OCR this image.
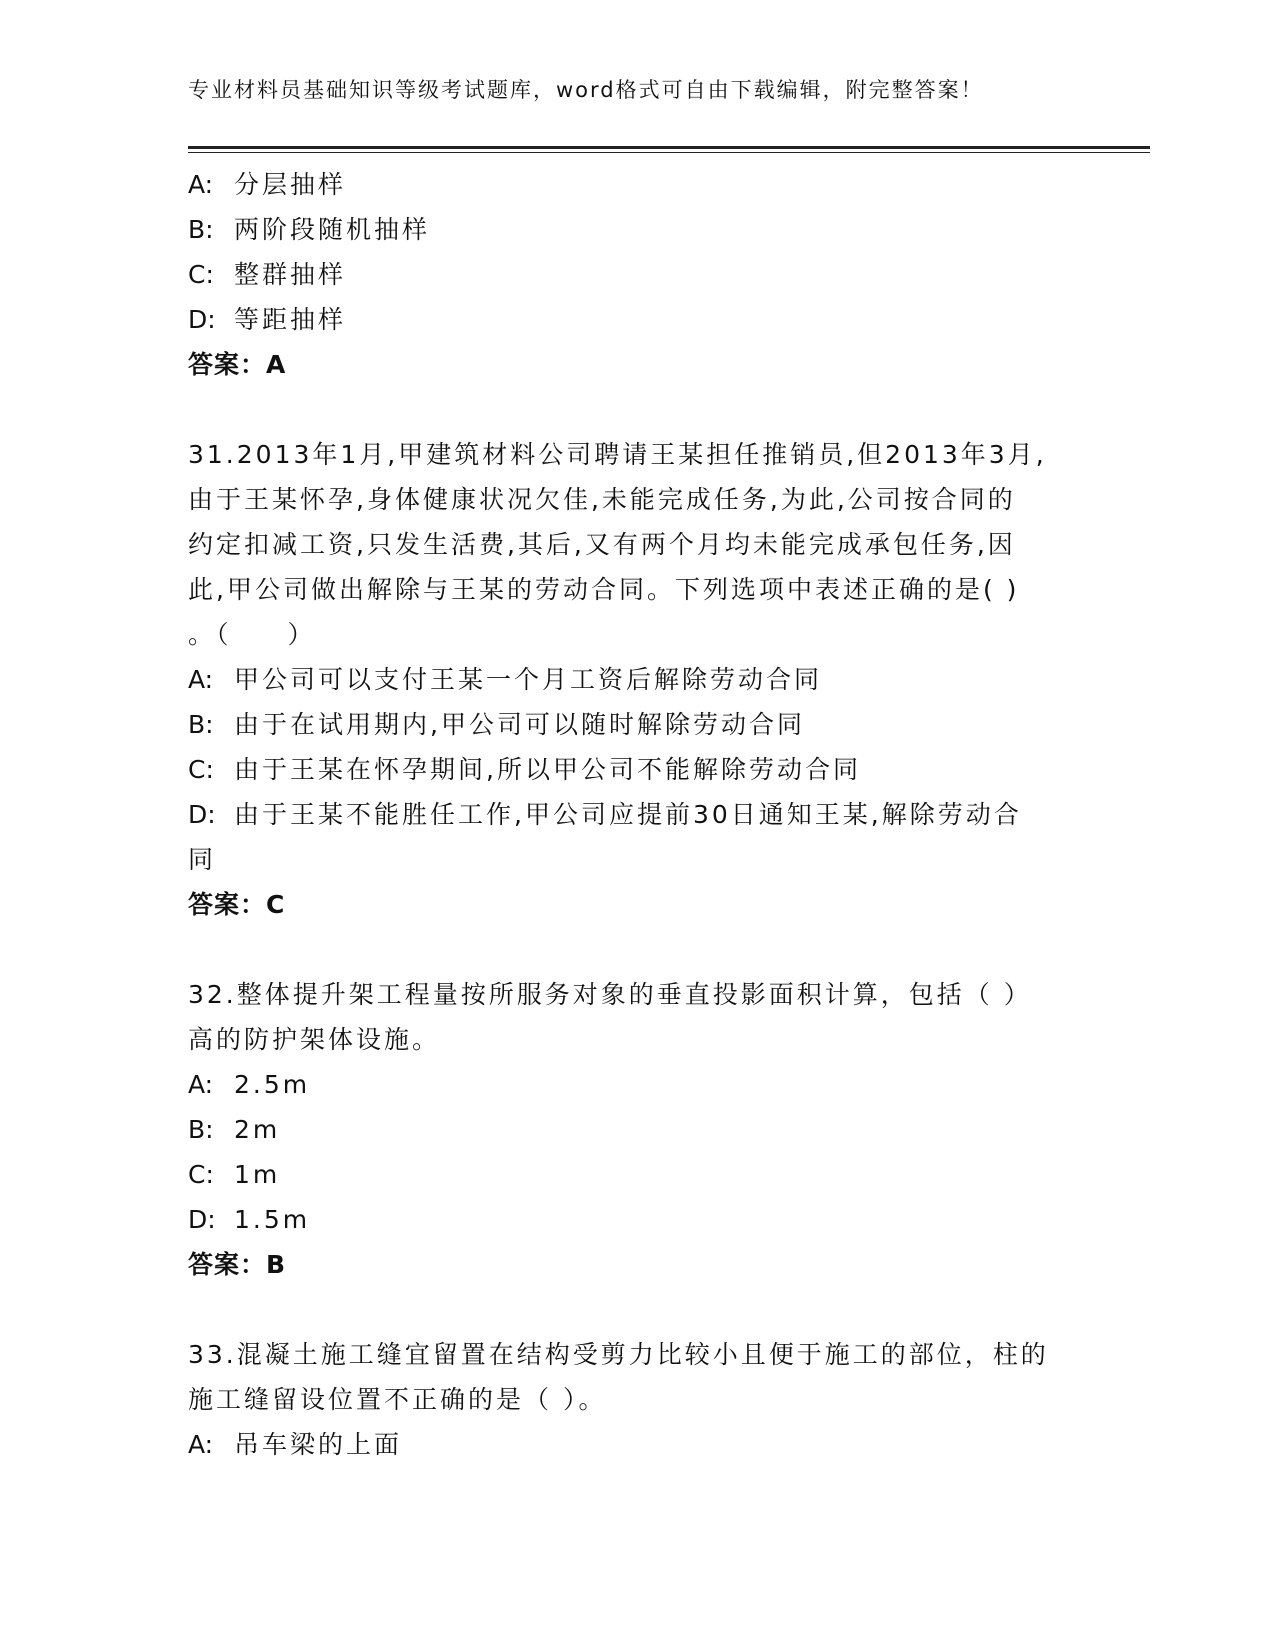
专业材料员基础知识等级考试题库，word格式可自由下载编辑，附完整答案！
A: 分层抽样
B: 两阶段随机抽样
C: 整群抽样
D: 等距抽样
答案：A
31.2013年1月,甲建筑材料公司聘请王某担任推销员,但2013年3月,
由于王某怀孕,身体健康状况欠佳,未能完成任务,为此,公司按合同的
约定扣减工资,只发生活费,其后,又有两个月均未能完成承包任务,因
此,甲公司做出解除与王某的劳动合同。下列选项中表述正确的是( )
。（　　）
A: 甲公司可以支付王某一个月工资后解除劳动合同
B: 由于在试用期内,甲公司可以随时解除劳动合同
C: 由于王某在怀孕期间,所以甲公司不能解除劳动合同
D: 由于王某不能胜任工作,甲公司应提前30日通知王某,解除劳动合
同
答案：C
32.整体提升架工程量按所服务对象的垂直投影面积计算，包括（ ）
高的防护架体设施。
A: 2.5m
B: 2m
C: 1m
D: 1.5m
答案：B
33.混凝土施工缝宜留置在结构受剪力比较小且便于施工的部位，柱的
施工缝留设位置不正确的是（ ）。
A: 吊车梁的上面
